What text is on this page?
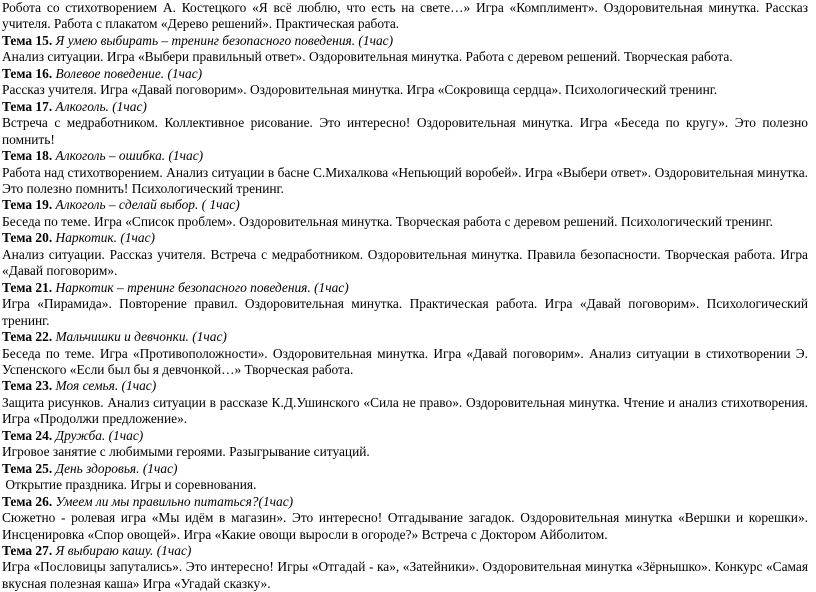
Робота со стихотворением А. Костецкого «Я всё люблю, что есть на свете…» Игра «Комплимент». Оздоровительная минутка. Рассказ учителя. Работа с плакатом «Дерево решений». Практическая работа.

Тема 15. Я умею выбирать – тренинг безопасного поведения. (1час)

Анализ ситуации. Игра «Выбери правильный ответ». Оздоровительная минутка. Работа с деревом решений. Творческая работа.

Тема 16. Волевое поведение. (1час)

Рассказ учителя. Игра «Давай поговорим». Оздоровительная минутка. Игра «Сокровища сердца». Психологический тренинг.

Тема 17. Алкоголь. (1час)

Встреча с медработником. Коллективное рисование. Это интересно! Оздоровительная минутка. Игра «Беседа по кругу». Это полезно помнить!

Тема 18. Алкоголь – ошибка. (1час)

Работа над стихотворением. Анализ ситуации в басне С.Михалкова «Непьющий воробей». Игра «Выбери ответ». Оздоровительная минутка. Это полезно помнить! Психологический тренинг.

Тема 19. Алкоголь – сделай выбор. ( 1час)

Беседа по теме. Игра «Список проблем». Оздоровительная минутка. Творческая работа с деревом решений. Психологический тренинг.

Тема 20. Наркотик. (1час)

Анализ ситуации. Рассказ учителя. Встреча с медработником. Оздоровительная минутка. Правила безопасности. Творческая работа. Игра «Давай поговорим».

Тема 21. Наркотик – тренинг безопасного поведения. (1час)

Игра «Пирамида». Повторение правил. Оздоровительная минутка. Практическая работа. Игра «Давай поговорим». Психологический тренинг.

Тема 22. Мальчишки и девчонки. (1час)

Беседа по теме. Игра «Противоположности». Оздоровительная минутка. Игра «Давай поговорим». Анализ ситуации в стихотворении Э. Успенского «Если был бы я девчонкой…» Творческая работа.

Тема 23. Моя семья. (1час)

Защита рисунков. Анализ ситуации в рассказе К.Д.Ушинского «Сила не право». Оздоровительная минутка. Чтение и анализ стихотворения. Игра «Продолжи предложение».

Тема 24. Дружба. (1час)

Игровое занятие с любимыми героями. Разыгрывание ситуаций.

Тема 25. День здоровья. (1час)

Открытие праздника. Игры и соревнования.

Тема 26. Умеем ли мы правильно питаться?(1час)

Сюжетно - ролевая игра «Мы идём в магазин». Это интересно! Отгадывание загадок. Оздоровительная минутка «Вершки и корешки». Инсценировка «Спор овощей». Игра «Какие овощи выросли в огороде?» Встреча с Доктором Айболитом.

Тема 27. Я выбираю кашу. (1час)

Игра «Пословицы запутались». Это интересно! Игры «Отгадай - ка», «Затейники». Оздоровительная минутка «Зёрнышко». Конкурс «Самая вкусная полезная каша» Игра «Угадай сказку».
